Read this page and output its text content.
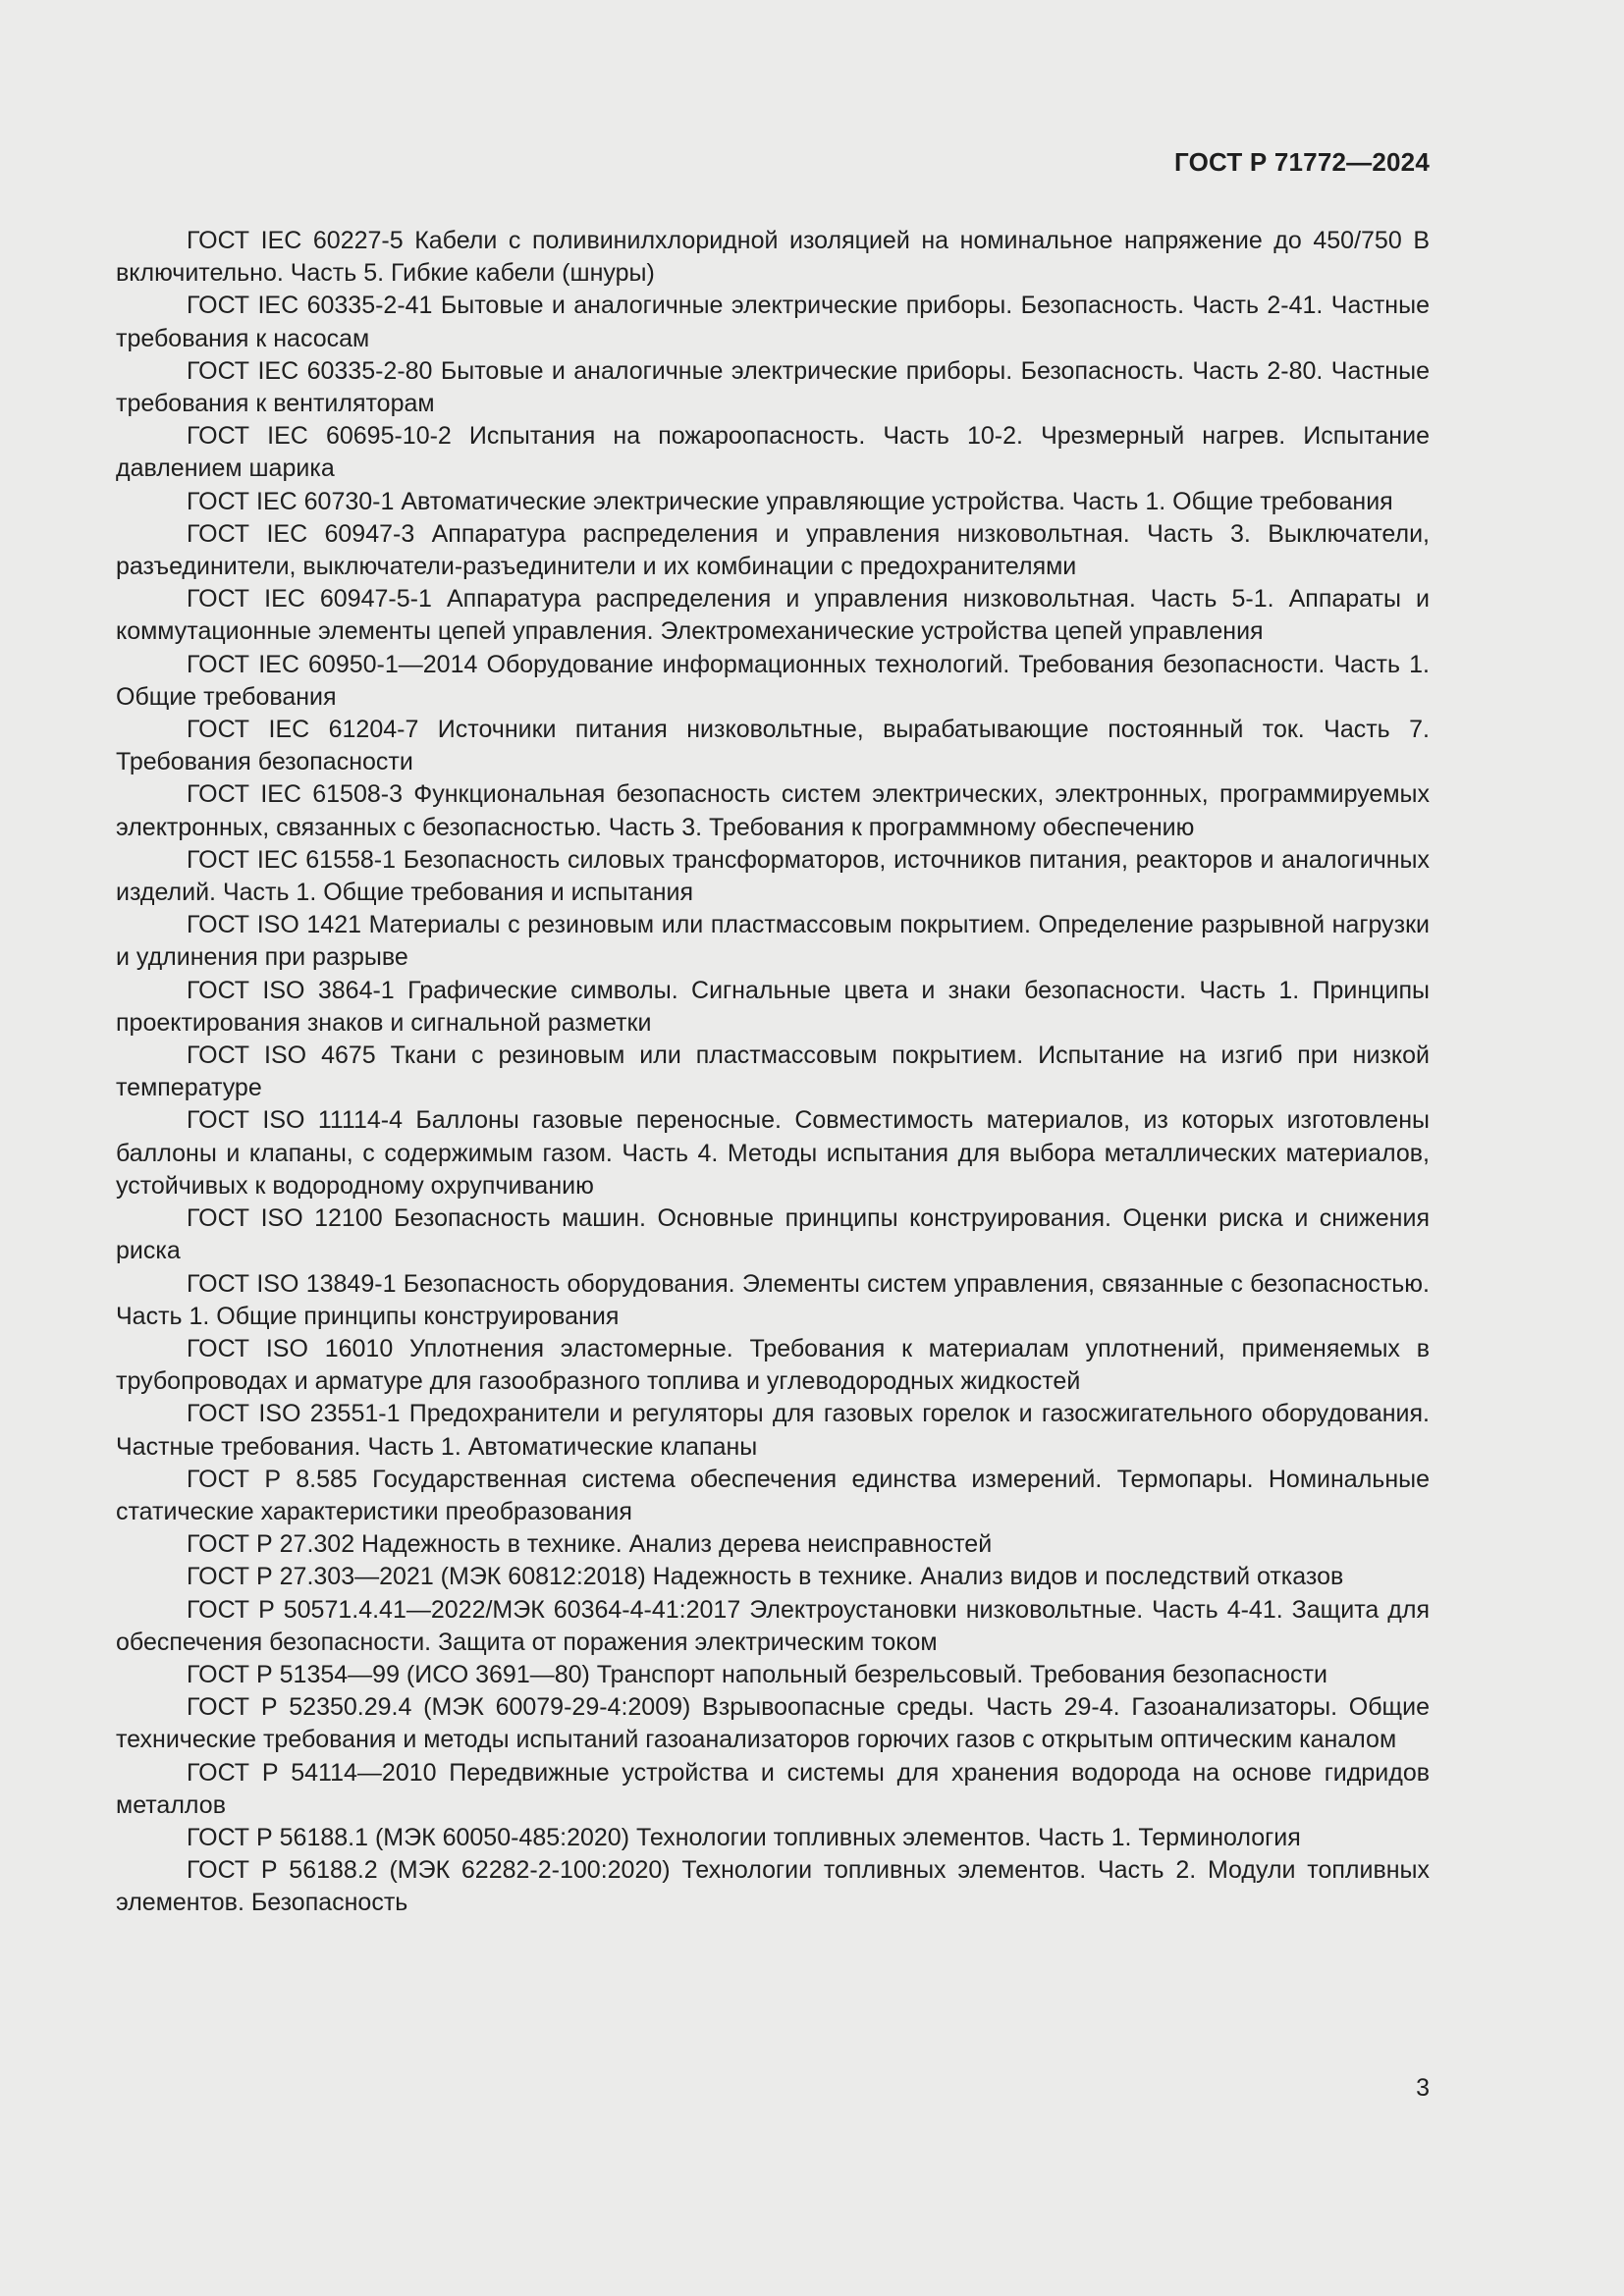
ГОСТ Р 71772—2024

ГОСТ IEC 60227-5 Кабели с поливинилхлоридной изоляцией на номинальное напряжение до 450/750 В включительно. Часть 5. Гибкие кабели (шнуры)

ГОСТ IEC 60335-2-41 Бытовые и аналогичные электрические приборы. Безопасность. Часть 2-41. Частные требования к насосам

ГОСТ IEC 60335-2-80 Бытовые и аналогичные электрические приборы. Безопасность. Часть 2-80. Частные требования к вентиляторам

ГОСТ IEC 60695-10-2 Испытания на пожароопасность. Часть 10-2. Чрезмерный нагрев. Испытание давлением шарика

ГОСТ IEC 60730-1 Автоматические электрические управляющие устройства. Часть 1. Общие требования

ГОСТ IEC 60947-3 Аппаратура распределения и управления низковольтная. Часть 3. Выключатели, разъединители, выключатели-разъединители и их комбинации с предохранителями

ГОСТ IEC 60947-5-1 Аппаратура распределения и управления низковольтная. Часть 5-1. Аппараты и коммутационные элементы цепей управления. Электромеханические устройства цепей управления

ГОСТ IEC 60950-1—2014 Оборудование информационных технологий. Требования безопасности. Часть 1. Общие требования

ГОСТ IEC 61204-7 Источники питания низковольтные, вырабатывающие постоянный ток. Часть 7. Требования безопасности

ГОСТ IEC 61508-3 Функциональная безопасность систем электрических, электронных, программируемых электронных, связанных с безопасностью. Часть 3. Требования к программному обеспечению

ГОСТ IEC 61558-1 Безопасность силовых трансформаторов, источников питания, реакторов и аналогичных изделий. Часть 1. Общие требования и испытания

ГОСТ ISO 1421 Материалы с резиновым или пластмассовым покрытием. Определение разрывной нагрузки и удлинения при разрыве

ГОСТ ISO 3864-1 Графические символы. Сигнальные цвета и знаки безопасности. Часть 1. Принципы проектирования знаков и сигнальной разметки

ГОСТ ISO 4675 Ткани с резиновым или пластмассовым покрытием. Испытание на изгиб при низкой температуре

ГОСТ ISO 11114-4 Баллоны газовые переносные. Совместимость материалов, из которых изготовлены баллоны и клапаны, с содержимым газом. Часть 4. Методы испытания для выбора металлических материалов, устойчивых к водородному охрупчиванию

ГОСТ ISO 12100 Безопасность машин. Основные принципы конструирования. Оценки риска и снижения риска

ГОСТ ISO 13849-1 Безопасность оборудования. Элементы систем управления, связанные с безопасностью. Часть 1. Общие принципы конструирования

ГОСТ ISO 16010 Уплотнения эластомерные. Требования к материалам уплотнений, применяемых в трубопроводах и арматуре для газообразного топлива и углеводородных жидкостей

ГОСТ ISO 23551-1 Предохранители и регуляторы для газовых горелок и газосжигательного оборудования. Частные требования. Часть 1. Автоматические клапаны

ГОСТ Р 8.585 Государственная система обеспечения единства измерений. Термопары. Номинальные статические характеристики преобразования

ГОСТ Р 27.302 Надежность в технике. Анализ дерева неисправностей

ГОСТ Р 27.303—2021 (МЭК 60812:2018) Надежность в технике. Анализ видов и последствий отказов

ГОСТ Р 50571.4.41—2022/МЭК 60364-4-41:2017 Электроустановки низковольтные. Часть 4-41. Защита для обеспечения безопасности. Защита от поражения электрическим током

ГОСТ Р 51354—99 (ИСО 3691—80) Транспорт напольный безрельсовый. Требования безопасности

ГОСТ Р 52350.29.4 (МЭК 60079-29-4:2009) Взрывоопасные среды. Часть 29-4. Газоанализаторы. Общие технические требования и методы испытаний газоанализаторов горючих газов с открытым оптическим каналом

ГОСТ Р 54114—2010 Передвижные устройства и системы для хранения водорода на основе гидридов металлов

ГОСТ Р 56188.1 (МЭК 60050-485:2020) Технологии топливных элементов. Часть 1. Терминология

ГОСТ Р 56188.2 (МЭК 62282-2-100:2020) Технологии топливных элементов. Часть 2. Модули топливных элементов. Безопасность

3
